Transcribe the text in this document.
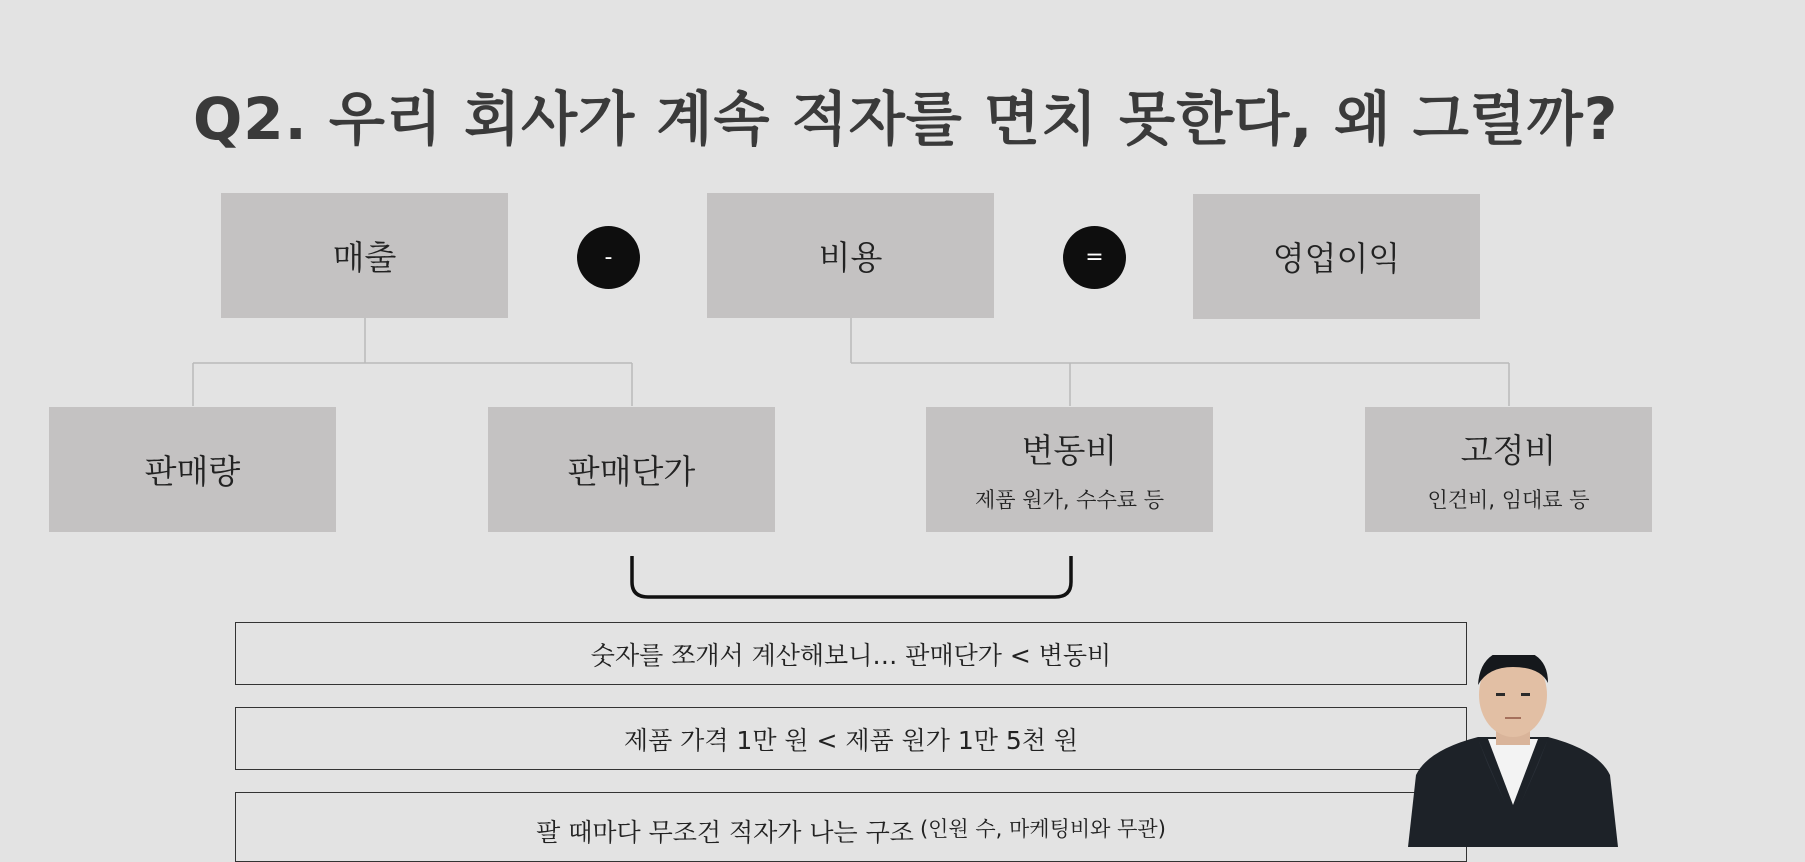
Q2. 우리 회사가 계속 적자를 면치 못한다, 왜 그럴까?
매출	-	비용	=	영업이익
판매량	판매단가
변동비
제품 원가, 수수료 등
고정비
인건비, 임대료 등
숫자를 쪼개서 계산해보니… 판매단가 < 변동비
제품 가격 1만 원 < 제품 원가 1만 5천 원
팔 때마다 무조건 적자가 나는 구조 (인원 수, 마케팅비와 무관)
